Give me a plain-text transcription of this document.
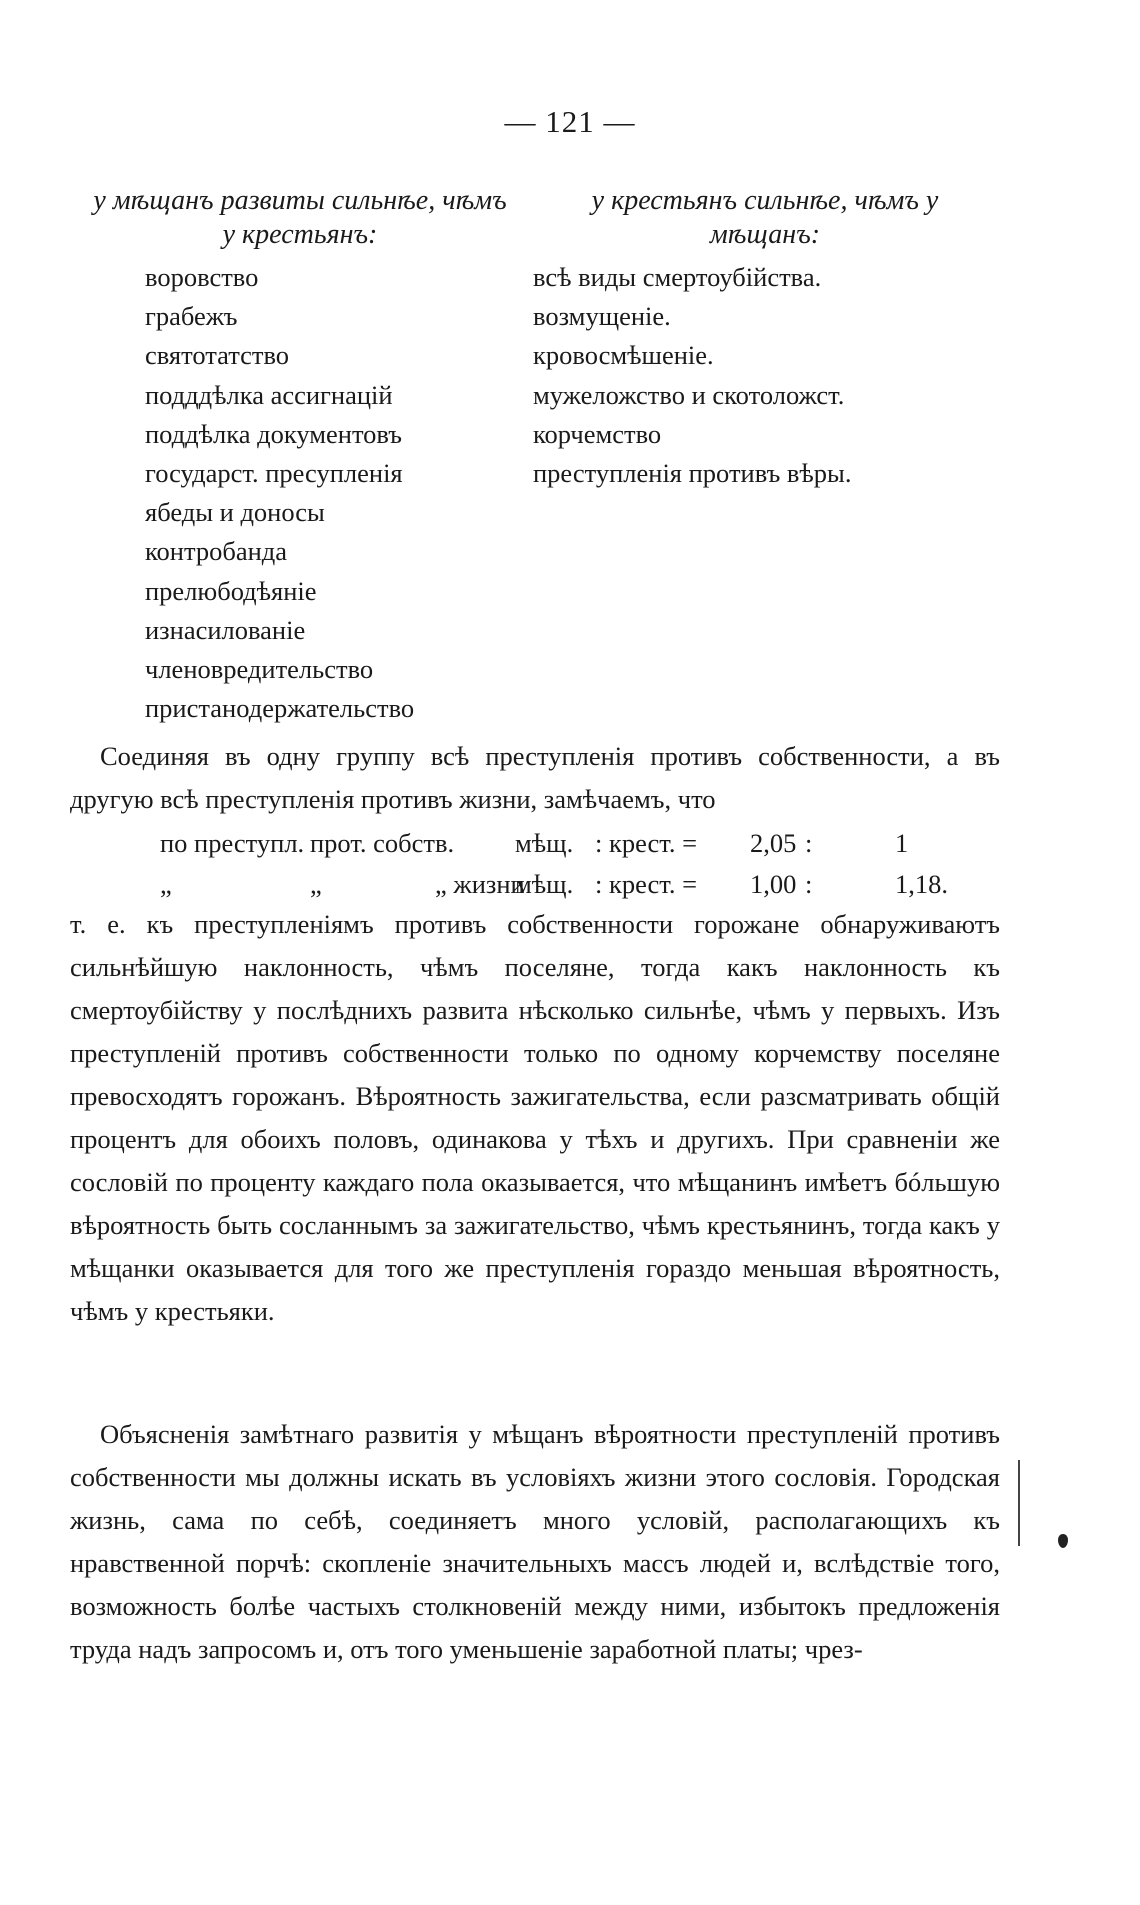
— 121 —
у мѣщанъ развиты сильнѣе, чѣмъ у крестьянъ:
у крестьянъ сильнѣе, чѣмъ у мѣщанъ:
воровство
грабежъ
святотатство
подддѣлка ассигнацій
поддѣлка документовъ
государст. пресупленія
ябеды и доносы
контробанда
прелюбодѣяніе
изнасилованіе
членовредительство
пристанодержательство
всѣ виды смертоубійства.
возмущеніе.
кровосмѣшеніе.
мужеложство и скотоложст.
корчемство
преступленія противъ вѣры.

Соединяя въ одну группу всѣ преступленія противъ собственности, а въ другую всѣ преступленія противъ жизни, замѣчаемъ, что

по преступл. прот. собств. мѣщ. : крест. = 2,05 :	1
„	„	„ жизнимѣщ. : крест. = 1,00 :	1,18.

т. е. къ преступленіямъ противъ собственности горожане обнаруживаютъ сильнѣйшую наклонность, чѣмъ поселяне, тогда какъ наклонность къ смертоубійству у послѣднихъ развита нѣсколько сильнѣе, чѣмъ у первыхъ. Изъ преступленій противъ собственности только по одному корчемству поселяне превосходятъ горожанъ. Вѣроятность зажигательства, если разсматривать общій процентъ для обоихъ половъ, одинакова у тѣхъ и другихъ. При сравненіи же сословій по проценту каждаго пола оказывается, что мѣщанинъ имѣетъ бóльшую вѣроятность быть сосланнымъ за зажигательство, чѣмъ крестьянинъ, тогда какъ у мѣщанки оказывается для того же преступленія гораздо меньшая вѣроятность, чѣмъ у крестьяки.

Объясненія замѣтнаго развитія у мѣщанъ вѣроятности преступленій противъ собственности мы должны искать въ условіяхъ жизни этого сословія. Городская жизнь, сама по себѣ, соединяетъ много условій, располагающихъ къ нравственной порчѣ: скопленіе значительныхъ массъ людей и, вслѣдствіе того, возможность болѣе частыхъ столкновеній между ними, избытокъ предложенія труда надъ запросомъ и, отъ того уменьшеніе заработной платы; чрез-
